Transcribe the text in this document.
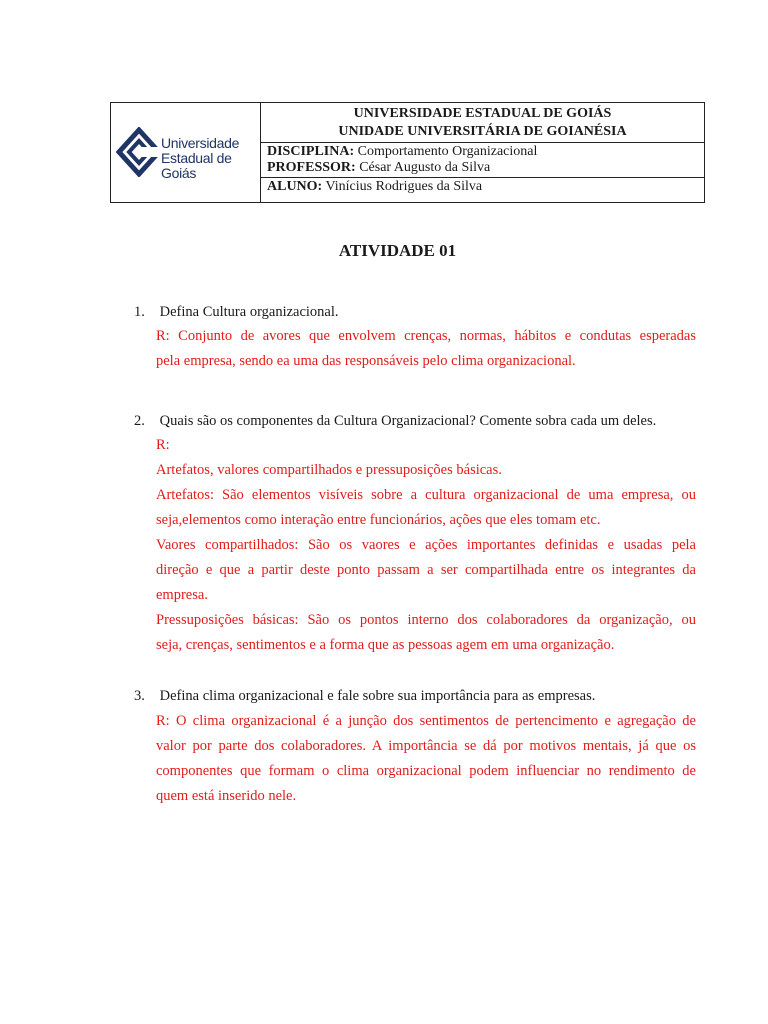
Universidade
Estadual de Goiás
UNIVERSIDADE ESTADUAL DE GOIÁS
UNIDADE UNIVERSITÁRIA DE GOIANÉSIA
DISCIPLINA: Comportamento Organizacional
PROFESSOR: César Augusto da Silva
ALUNO: Vinícius Rodrigues da Silva
ATIVIDADE 01
1. Defina Cultura organizacional.

R: Conjunto de avores que envolvem crenças, normas, hábitos e condutas esperadas

pela empresa, sendo ea uma das responsáveis pelo clima organizacional.

2. Quais são os componentes da Cultura Organizacional? Comente sobra cada um deles.

R:

Artefatos, valores compartilhados e pressuposições básicas.

Artefatos: São elementos visíveis sobre a cultura organizacional de uma empresa, ou

seja,elementos como interação entre funcionários, ações que eles tomam etc.

Vaores compartilhados: São os vaores e ações importantes definidas e usadas pela

direção e que a partir deste ponto passam a ser compartilhada entre os integrantes da

empresa.

Pressuposições básicas: São os pontos interno dos colaboradores da organização, ou

seja, crenças, sentimentos e a forma que as pessoas agem em uma organização.

3. Defina clima organizacional e fale sobre sua importância para as empresas.

R: O clima organizacional é a junção dos sentimentos de pertencimento e agregação de

valor por parte dos colaboradores. A importância se dá por motivos mentais, já que os

componentes que formam o clima organizacional podem influenciar no rendimento de

quem está inserido nele.
